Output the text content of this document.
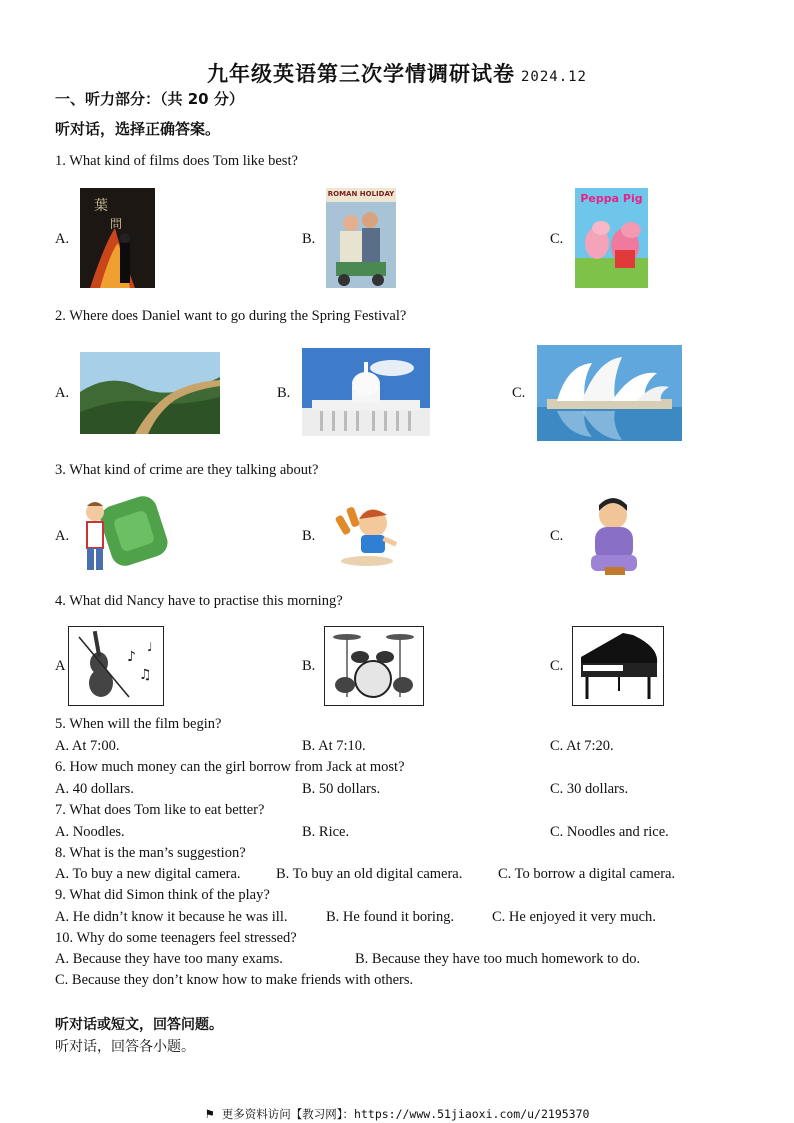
九年级英语第三次学情调研试卷 2024.12
一、听力部分：（共 20 分）
听对话，选择正确答案。
1. What kind of films does Tom like best?
A.
葉
問
B.
ROMAN HOLIDAY
C.
Peppa Pig
2. Where does Daniel want to go during the Spring Festival?
A.	B.	C.
3. What kind of crime are they talking about?
A.	B.	C.
4. What did Nancy have to practise this morning?
A
♪
♫
♩
B.	C.
5. When will the film begin?
A. At 7:00.	B. At 7:10.	C. At 7:20.
6. How much money can the girl borrow from Jack at most?
A. 40 dollars.	B. 50 dollars.	C. 30 dollars.
7. What does Tom like to eat better?
A. Noodles.	B. Rice.	C. Noodles and rice.
8. What is the man’s suggestion?
A. To buy a new digital camera. B. To buy an old digital camera. C. To borrow a digital camera.
9. What did Simon think of the play?
A. He didn’t know it because he was ill.	B. He found it boring.	C. He enjoyed it very much.
10. Why do some teenagers feel stressed?
A. Because they have too many exams.	B. Because they have too much homework to do.
C. Because they don’t know how to make friends with others.
听对话或短文，回答问题。
听对话，回答各小题。
⚑ 更多资料访问【教习网】：https://www.51jiaoxi.com/u/2195370
